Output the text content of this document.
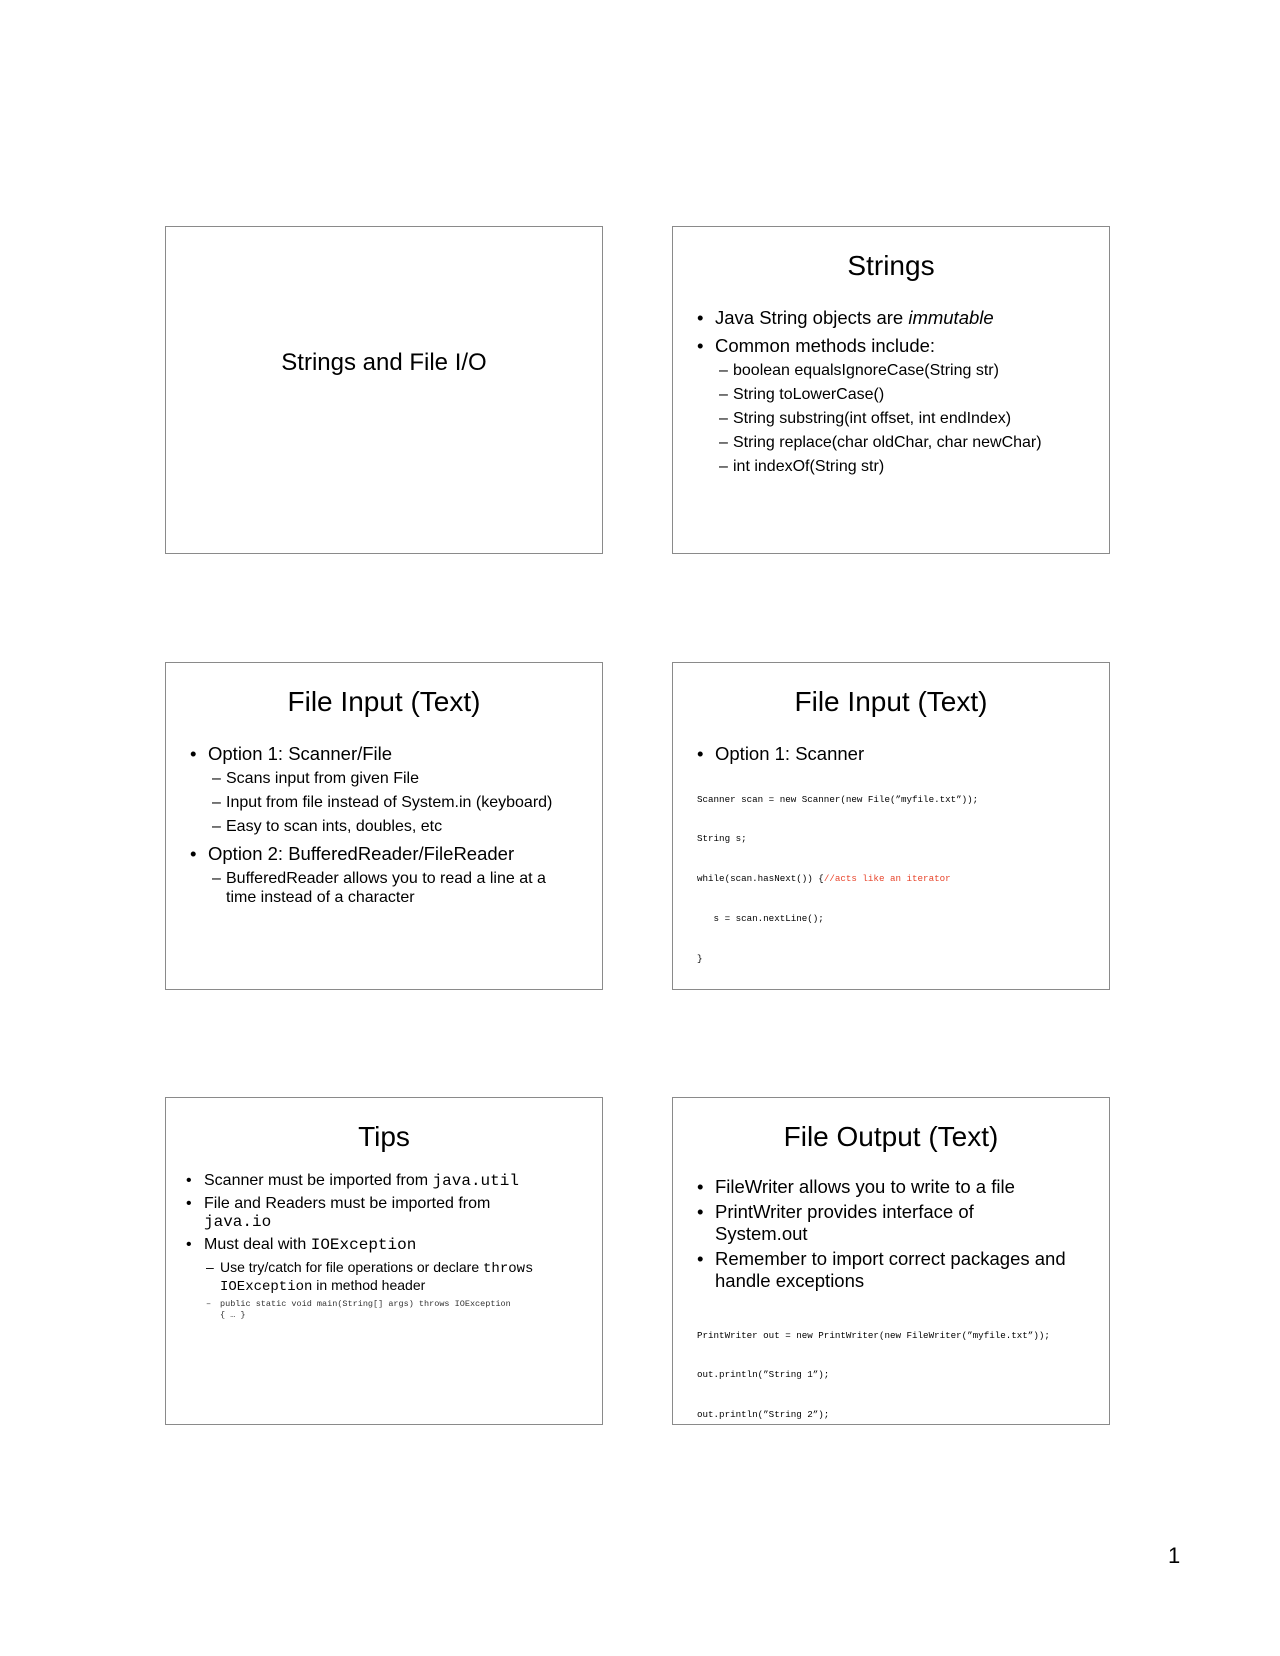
Strings and File I/O
Strings
• Java String objects are immutable
• Common methods include:
– boolean equalsIgnoreCase(String str)
– String toLowerCase()
– String substring(int offset, int endIndex)
– String replace(char oldChar, char newChar)
– int indexOf(String str)
File Input (Text)
• Option 1: Scanner/File
– Scans input from given File
– Input from file instead of System.in (keyboard)
– Easy to scan ints, doubles, etc
• Option 2: BufferedReader/FileReader
– BufferedReader allows you to read a line at a time instead of a character
File Input (Text)
• Option 1: Scanner

Scanner scan = new Scanner(new File(”myfile.txt”));

String s;

while(scan.hasNext()) {//acts like an iterator

s = scan.nextLine();

}

Tips
• Scanner must be imported from java.util
• File and Readers must be imported from
java.io
• Must deal with IOException
– Use try/catch for file operations or declare throws
IOException in method header
– public static void main(String[] args) throws IOException
{ … }
File Output (Text)
• FileWriter allows you to write to a file
• PrintWriter provides interface of System.out
• Remember to import correct packages and handle exceptions

PrintWriter out = new PrintWriter(new FileWriter(”myfile.txt”));

out.println(”String 1”);

out.println(”String 2”);

1
